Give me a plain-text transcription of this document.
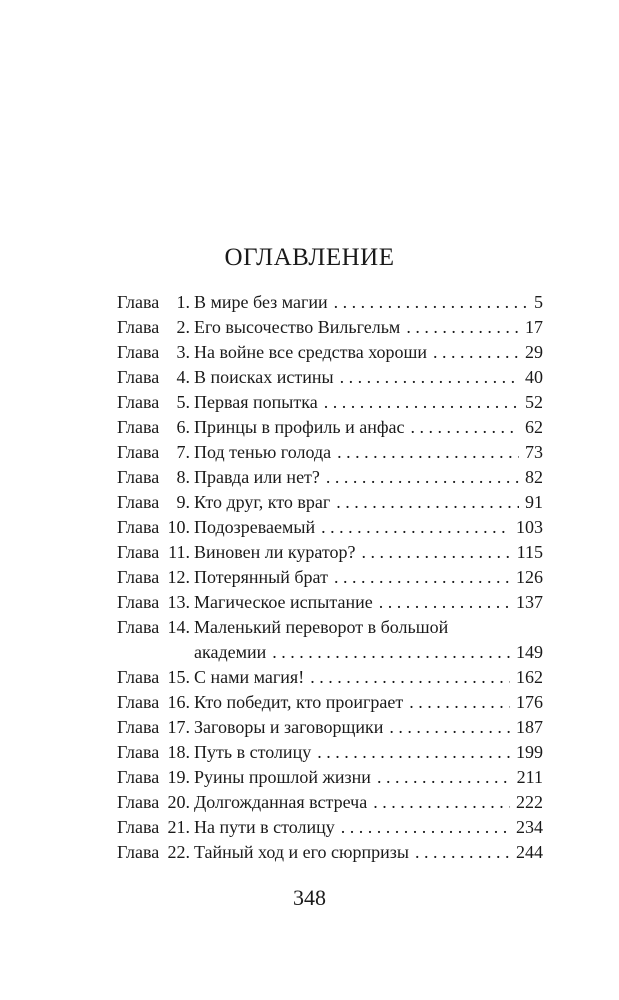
ОГЛАВЛЕНИЕ
Глава 1. В мире без магии . . .	5
Глава 2. Его высочество Вильгельм . . .	17
Глава 3. На войне все средства хороши . . .	29
Глава 4. В поисках истины . . .	40
Глава 5. Первая попытка . . .	52
Глава 6. Принцы в профиль и анфас . . .	62
Глава 7. Под тенью голода . . .	73
Глава 8. Правда или нет? . . .	82
Глава 9. Кто друг, кто враг . . .	91
Глава 10. Подозреваемый . . .	103
Глава 11. Виновен ли куратор? . . .	115
Глава 12. Потерянный брат . . .	126
Глава 13. Магическое испытание . . .	137
Глава 14. Маленький переворот в большой
академии . . .	149
Глава 15. С нами магия! . . .	162
Глава 16. Кто победит, кто проиграет . . .	176
Глава 17. Заговоры и заговорщики . . .	187
Глава 18. Путь в столицу . . .	199
Глава 19. Руины прошлой жизни . . .	211
Глава 20. Долгожданная встреча . . .	222
Глава 21. На пути в столицу . . .	234
Глава 22. Тайный ход и его сюрпризы . . .	244
348
